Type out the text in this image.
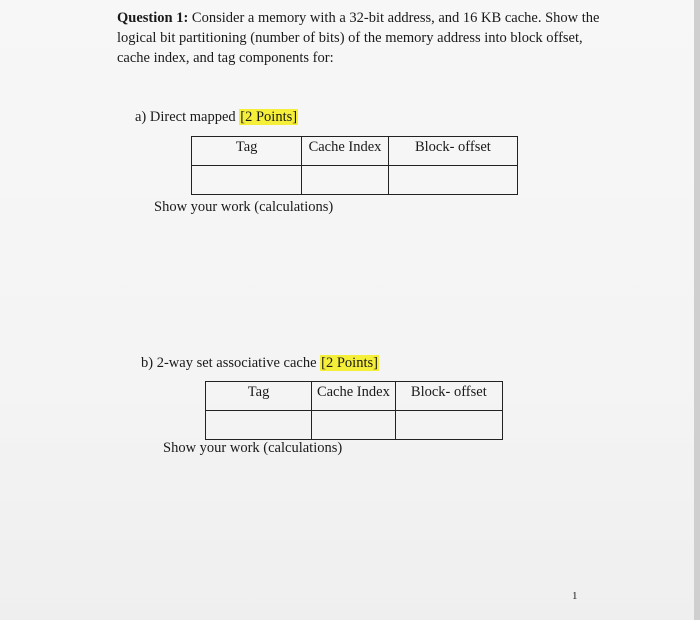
Question 1: Consider a memory with a 32-bit address, and 16 KB cache. Show the logical bit partitioning (number of bits) of the memory address into block offset, cache index, and tag components for:
a) Direct mapped [2 Points]
Tag	Cache Index	Block- offset

Show your work (calculations)
b) 2-way set associative cache [2 Points]
Tag	Cache Index	Block- offset

Show your work (calculations)
1
